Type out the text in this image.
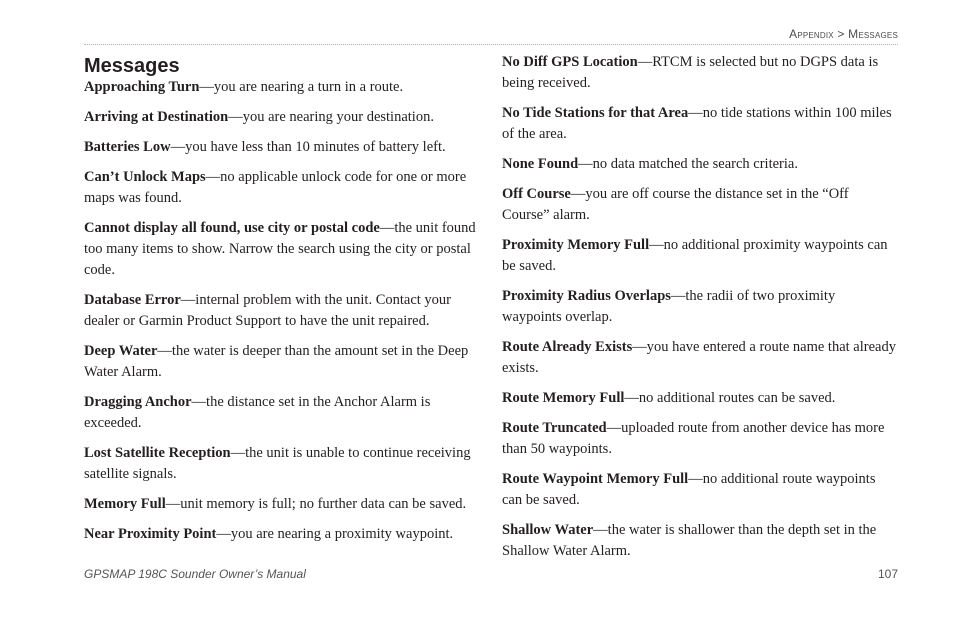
Appendix > Messages
Messages

Approaching Turn—you are nearing a turn in a route.

Arriving at Destination—you are nearing your destination.

Batteries Low—you have less than 10 minutes of battery left.

Can’t Unlock Maps—no applicable unlock code for one or more maps was found.

Cannot display all found, use city or postal code—the unit found too many items to show. Narrow the search using the city or postal code.

Database Error—internal problem with the unit. Contact your dealer or Garmin Product Support to have the unit repaired.

Deep Water—the water is deeper than the amount set in the Deep Water Alarm.

Dragging Anchor—the distance set in the Anchor Alarm is exceeded.

Lost Satellite Reception—the unit is unable to continue receiving satellite signals.

Memory Full—unit memory is full; no further data can be saved.

Near Proximity Point—you are nearing a proximity waypoint.

No Diff GPS Location—RTCM is selected but no DGPS data is being received.

No Tide Stations for that Area—no tide stations within 100 miles of the area.

None Found—no data matched the search criteria.

Off Course—you are off course the distance set in the “Off Course” alarm.

Proximity Memory Full—no additional proximity waypoints can be saved.

Proximity Radius Overlaps—the radii of two proximity waypoints overlap.

Route Already Exists—you have entered a route name that already exists.

Route Memory Full—no additional routes can be saved.

Route Truncated—uploaded route from another device has more than 50 waypoints.

Route Waypoint Memory Full—no additional route waypoints can be saved.

Shallow Water—the water is shallower than the depth set in the Shallow Water Alarm.

GPSMAP 198C Sounder Owner’s Manual	107
